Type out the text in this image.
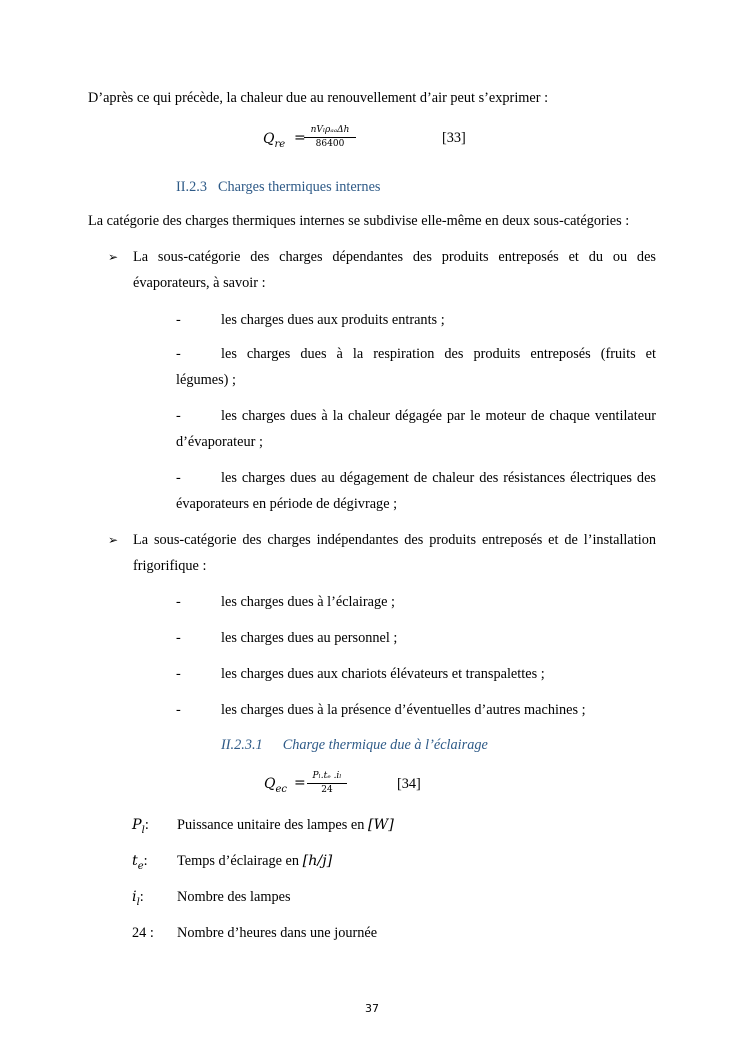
D’après ce qui précède, la chaleur due au renouvellement d’air peut s’exprimer :
$Q_{re} = nV_l\rho_{aa}\Delta h$
86400	[33]
II.2.3 Charges thermiques internes
La catégorie des charges thermiques internes se subdivise elle-même en deux sous-catégories :
➢ La sous-catégorie des charges dépendantes des produits entreposés et du ou des
évaporateurs, à savoir :
-	les charges dues aux produits entrants ;
-	les charges dues à la respiration des produits entreposés (fruits et
légumes) ;
-	les charges dues à la chaleur dégagée par le moteur de chaque ventilateur
d’évaporateur ;
-	les charges dues au dégagement de chaleur des résistances électriques des
évaporateurs en période de dégivrage ;
➢ La sous-catégorie des charges indépendantes des produits entreposés et de l’installation
frigorifique :
-	les charges dues à l’éclairage ;
-	les charges dues au personnel ;
-	les charges dues aux chariots élévateurs et transpalettes ;
-	les charges dues à la présence d’éventuelles d’autres machines ;
II.2.3.1 Charge thermique due à l’éclairage
$Q_{ec} = P_l.t_e$ .iₗ
24	[34]
$P_l$: Puissance unitaire des lampes en [W]
$t_e$: Temps d’éclairage en [h/j]
$i_l$: Nombre des lampes
24 : Nombre d’heures dans une journée
37
